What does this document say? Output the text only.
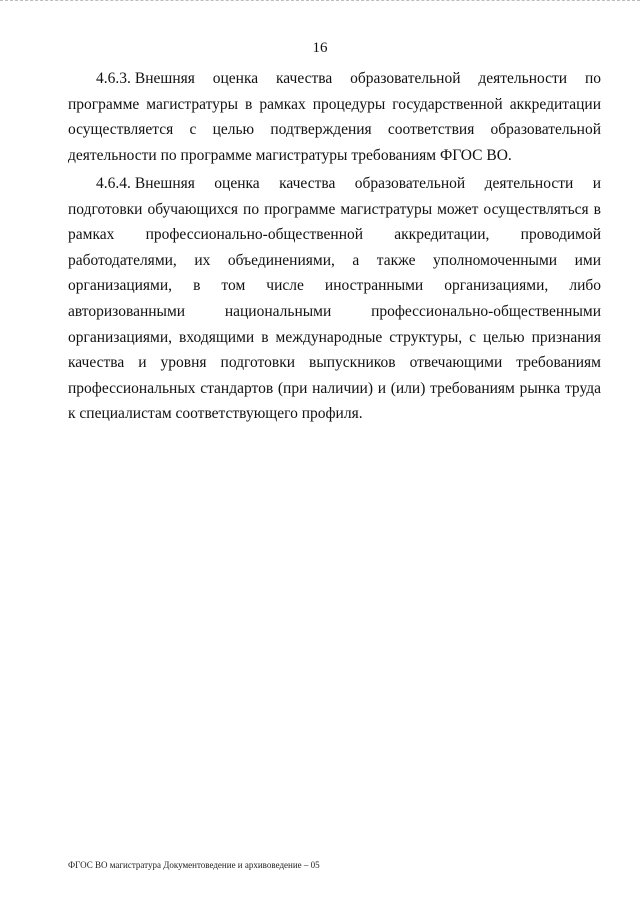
16
4.6.3. Внешняя оценка качества образовательной деятельности по программе магистратуры в рамках процедуры государственной аккредитации осуществляется с целью подтверждения соответствия образовательной деятельности по программе магистратуры требованиям ФГОС ВО.
4.6.4. Внешняя оценка качества образовательной деятельности и подготовки обучающихся по программе магистратуры может осуществляться в рамках профессионально-общественной аккредитации, проводимой работодателями, их объединениями, а также уполномоченными ими организациями, в том числе иностранными организациями, либо авторизованными национальными профессионально-общественными организациями, входящими в международные структуры, с целью признания качества и уровня подготовки выпускников отвечающими требованиям профессиональных стандартов (при наличии) и (или) требованиям рынка труда к специалистам соответствующего профиля.
ФГОС ВО магистратура Документоведение и архивоведение – 05
